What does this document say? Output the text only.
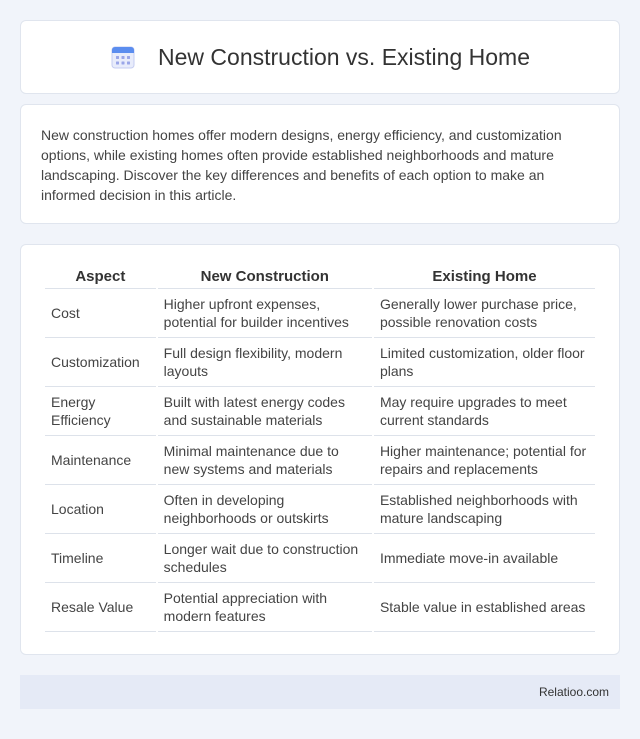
New Construction vs. Existing Home

New construction homes offer modern designs, energy efficiency, and customization options, while existing homes often provide established neighborhoods and mature landscaping. Discover the key differences and benefits of each option to make an informed decision in this article.

Aspect	New Construction	Existing Home
Cost	Higher upfront expenses, potential for builder incentives	Generally lower purchase price, possible renovation costs
Customization	Full design flexibility, modern layouts	Limited customization, older floor plans
Energy Efficiency	Built with latest energy codes and sustainable materials	May require upgrades to meet current standards
Maintenance	Minimal maintenance due to new systems and materials	Higher maintenance; potential for repairs and replacements
Location	Often in developing neighborhoods or outskirts	Established neighborhoods with mature landscaping
Timeline	Longer wait due to construction schedules	Immediate move-in available
Resale Value	Potential appreciation with modern features	Stable value in established areas
Relatioo.com
